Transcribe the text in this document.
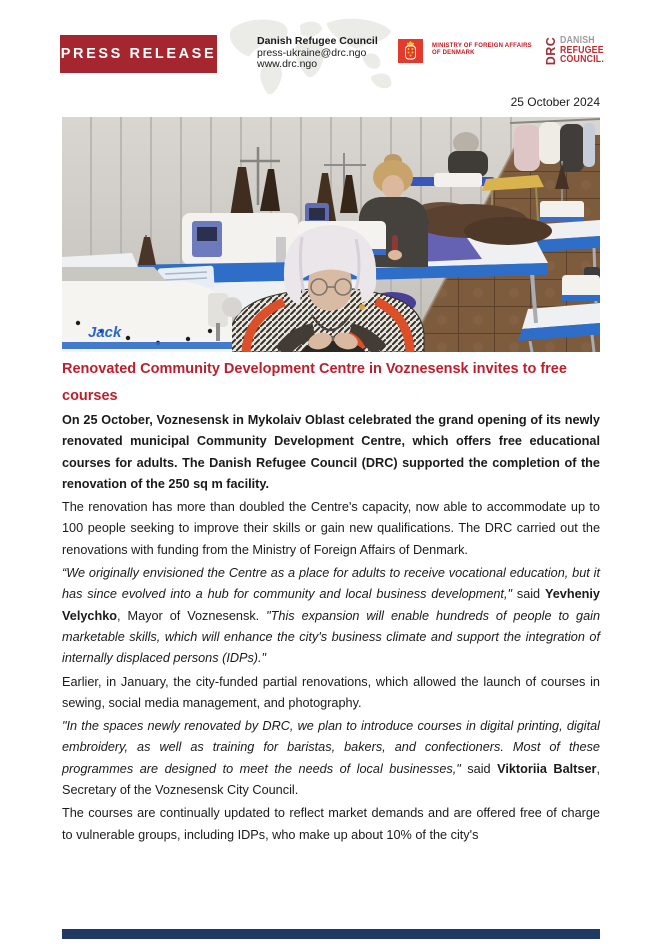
PRESS RELEASE
Danish Refugee Council
press-ukraine@drc.ngo
www.drc.ngo
MINISTRY OF FOREIGN AFFAIRS
OF DENMARK	DRC DANISH
REFUGEE
COUNCIL.
25 October 2024
Jack
Renovated Community Development Centre in Voznesensk invites to free courses

On 25 October, Voznesensk in Mykolaiv Oblast celebrated the grand opening of its newly renovated municipal Community Development Centre, which offers free educational courses for adults. The Danish Refugee Council (DRC) supported the completion of the renovation of the 250 sq m facility.

The renovation has more than doubled the Centre's capacity, now able to accommodate up to 100 people seeking to improve their skills or gain new qualifications. The DRC carried out the renovations with funding from the Ministry of Foreign Affairs of Denmark.

“We originally envisioned the Centre as a place for adults to receive vocational education, but it has since evolved into a hub for community and local business development," said Yevheniy Velychko, Mayor of Voznesensk. "This expansion will enable hundreds of people to gain marketable skills, which will enhance the city's business climate and support the integration of internally displaced persons (IDPs)."

Earlier, in January, the city-funded partial renovations, which allowed the launch of courses in sewing, social media management, and photography.

"In the spaces newly renovated by DRC, we plan to introduce courses in digital printing, digital embroidery, as well as training for baristas, bakers, and confectioners. Most of these programmes are designed to meet the needs of local businesses," said Viktoriia Baltser, Secretary of the Voznesensk City Council.

The courses are continually updated to reflect market demands and are offered free of charge to vulnerable groups, including IDPs, who make up about 10% of the city's
